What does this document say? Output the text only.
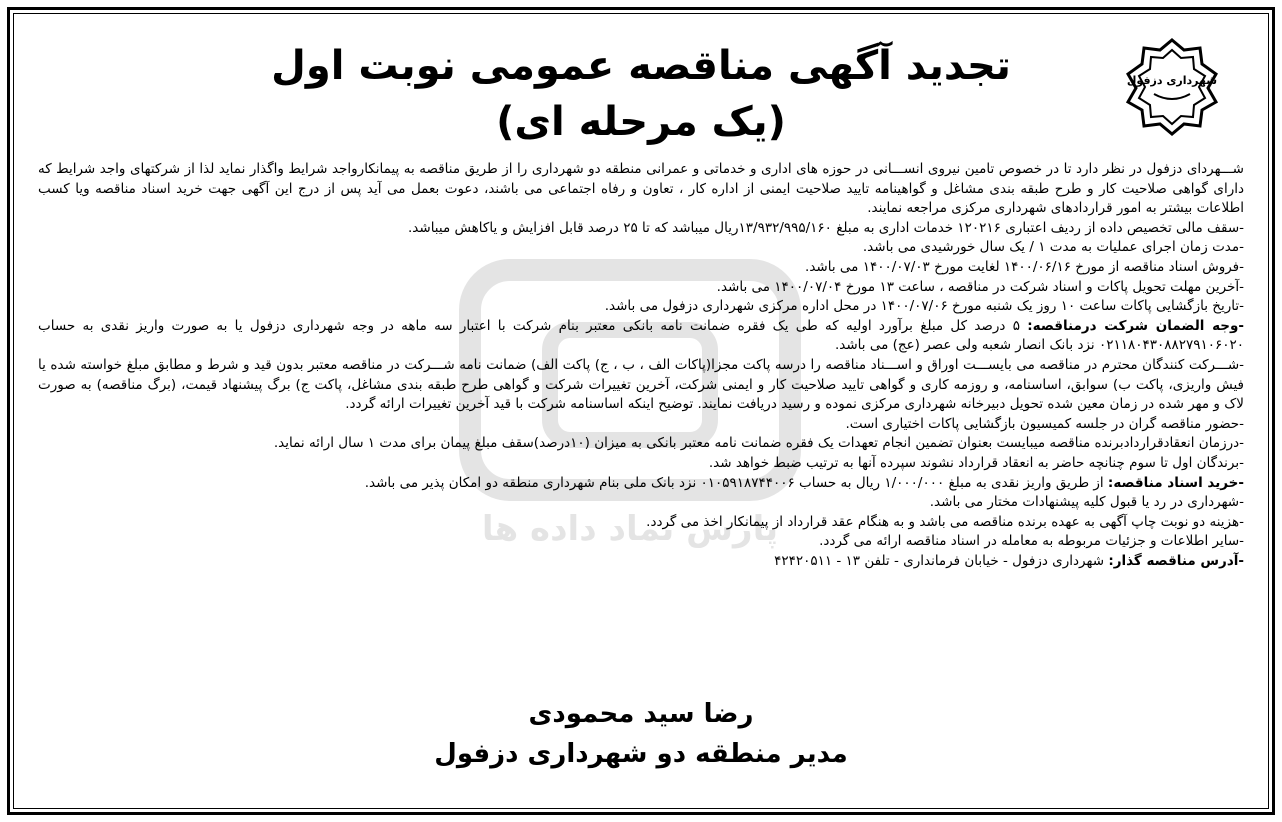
پارس نماد داده ها
شهرداری دزفول
تجدید آگهی مناقصه عمومی نوبت اول
(یک مرحله ای)

شـــهردای دزفول در نظر دارد تا در خصوص تامین نیروی انســـانی در حوزه های اداری و خدماتی و عمرانی منطقه دو شهرداری را از طریق مناقصه به پیمانکارواجد شرایط واگذار نماید لذا از شرکتهای واجد شرایط که دارای گواهی صلاحیت کار و طرح طبقه بندی مشاغل و گواهینامه تایید صلاحیت ایمنی از اداره کار ، تعاون و رفاه اجتماعی می باشند، دعوت بعمل می آید پس از درج این آگهی جهت خرید اسناد مناقصه ویا کسب اطلاعات بیشتر به امور قراردادهای شهرداری مرکزی مراجعه نمایند.

-سقف مالی تخصیص داده از ردیف اعتباری ۱۲۰۲۱۶ خدمات اداری به مبلغ ۱۳/۹۳۲/۹۹۵/۱۶۰ریال میباشد که تا ۲۵ درصد قابل افزایش و یاکاهش میباشد.

-مدت زمان اجرای عملیات به مدت ۱ / یک سال خورشیدی می باشد.

-فروش اسناد مناقصه از مورخ ۱۴۰۰/۰۶/۱۶ لغایت مورخ ۱۴۰۰/۰۷/۰۳ می باشد.

-آخرین مهلت تحویل پاکات و اسناد شرکت در مناقصه ، ساعت ۱۳ مورخ ۱۴۰۰/۰۷/۰۴ می باشد.

-تاریخ بازگشایی پاکات ساعت ۱۰ روز یک شنبه مورخ ۱۴۰۰/۰۷/۰۶ در محل اداره مرکزی شهرداری دزفول می باشد.

-وجه الضمان شرکت درمناقصه: ۵ درصد کل مبلغ برآورد اولیه که طی یک فقره ضمانت نامه بانکی معتبر بنام شرکت با اعتبار سه ماهه در وجه شهرداری دزفول یا به صورت واریز نقدی به حساب ۰۲۱۱۸۰۴۳۰۸۸۲۷۹۱۰۶۰۲۰ نزد بانک انصار شعبه ولی عصر (عج) می باشد.

-شـــرکت کنندگان محترم در مناقصه می بایســـت اوراق و اســـناد مناقصه را درسه پاکت مجزا(پاکات الف ، ب ، ج) پاکت الف) ضمانت نامه شـــرکت در مناقصه معتبر بدون قید و شرط و مطابق مبلغ خواسته شده یا فیش واریزی، پاکت ب) سوابق، اساسنامه، و روزمه کاری و گواهی تایید صلاحیت کار و ایمنی شرکت، آخرین تغییرات شرکت و گواهی طرح طبقه بندی مشاغل، پاکت ج) برگ پیشنهاد قیمت، (برگ مناقصه) به صورت لاک و مهر شده در زمان معین شده تحویل دبیرخانه شهرداری مرکزی نموده و رسید دریافت نمایند. توضیح اینکه اساسنامه شرکت با قید آخرین تغییرات ارائه گردد.

-حضور مناقصه گران در جلسه کمیسیون بازگشایی پاکات اختیاری است.

-درزمان انعقادقراردادبرنده مناقصه میبایست بعنوان تضمین انجام تعهدات یک فقره ضمانت نامه معتبر بانکی به میزان (۱۰درصد)سقف مبلغ پیمان برای مدت ۱ سال ارائه نماید.

-برندگان اول تا سوم چنانچه حاضر به انعقاد قرارداد نشوند سپرده آنها به ترتیب ضبط خواهد شد.

-خرید اسناد مناقصه: از طریق واریز نقدی به مبلغ ۱/۰۰۰/۰۰۰ ریال به حساب ۰۱۰۵۹۱۸۷۴۴۰۰۶ نزد بانک ملی بنام شهرداری منطقه دو امکان پذیر می باشد.

-شهرداری در رد یا قبول کلیه پیشنهادات مختار می باشد.

-هزینه دو نوبت چاپ آگهی به عهده برنده مناقصه می باشد و به هنگام عقد قرارداد از پیمانکار اخذ می گردد.

-سایر اطلاعات و جزئیات مربوطه به معامله در اسناد مناقصه ارائه می گردد.

-آدرس مناقصه گذار: شهرداری دزفول - خیابان فرمانداری - تلفن ۱۳ - ۴۲۴۲۰۵۱۱

رضا سید محمودی
مدیر منطقه دو شهرداری دزفول
